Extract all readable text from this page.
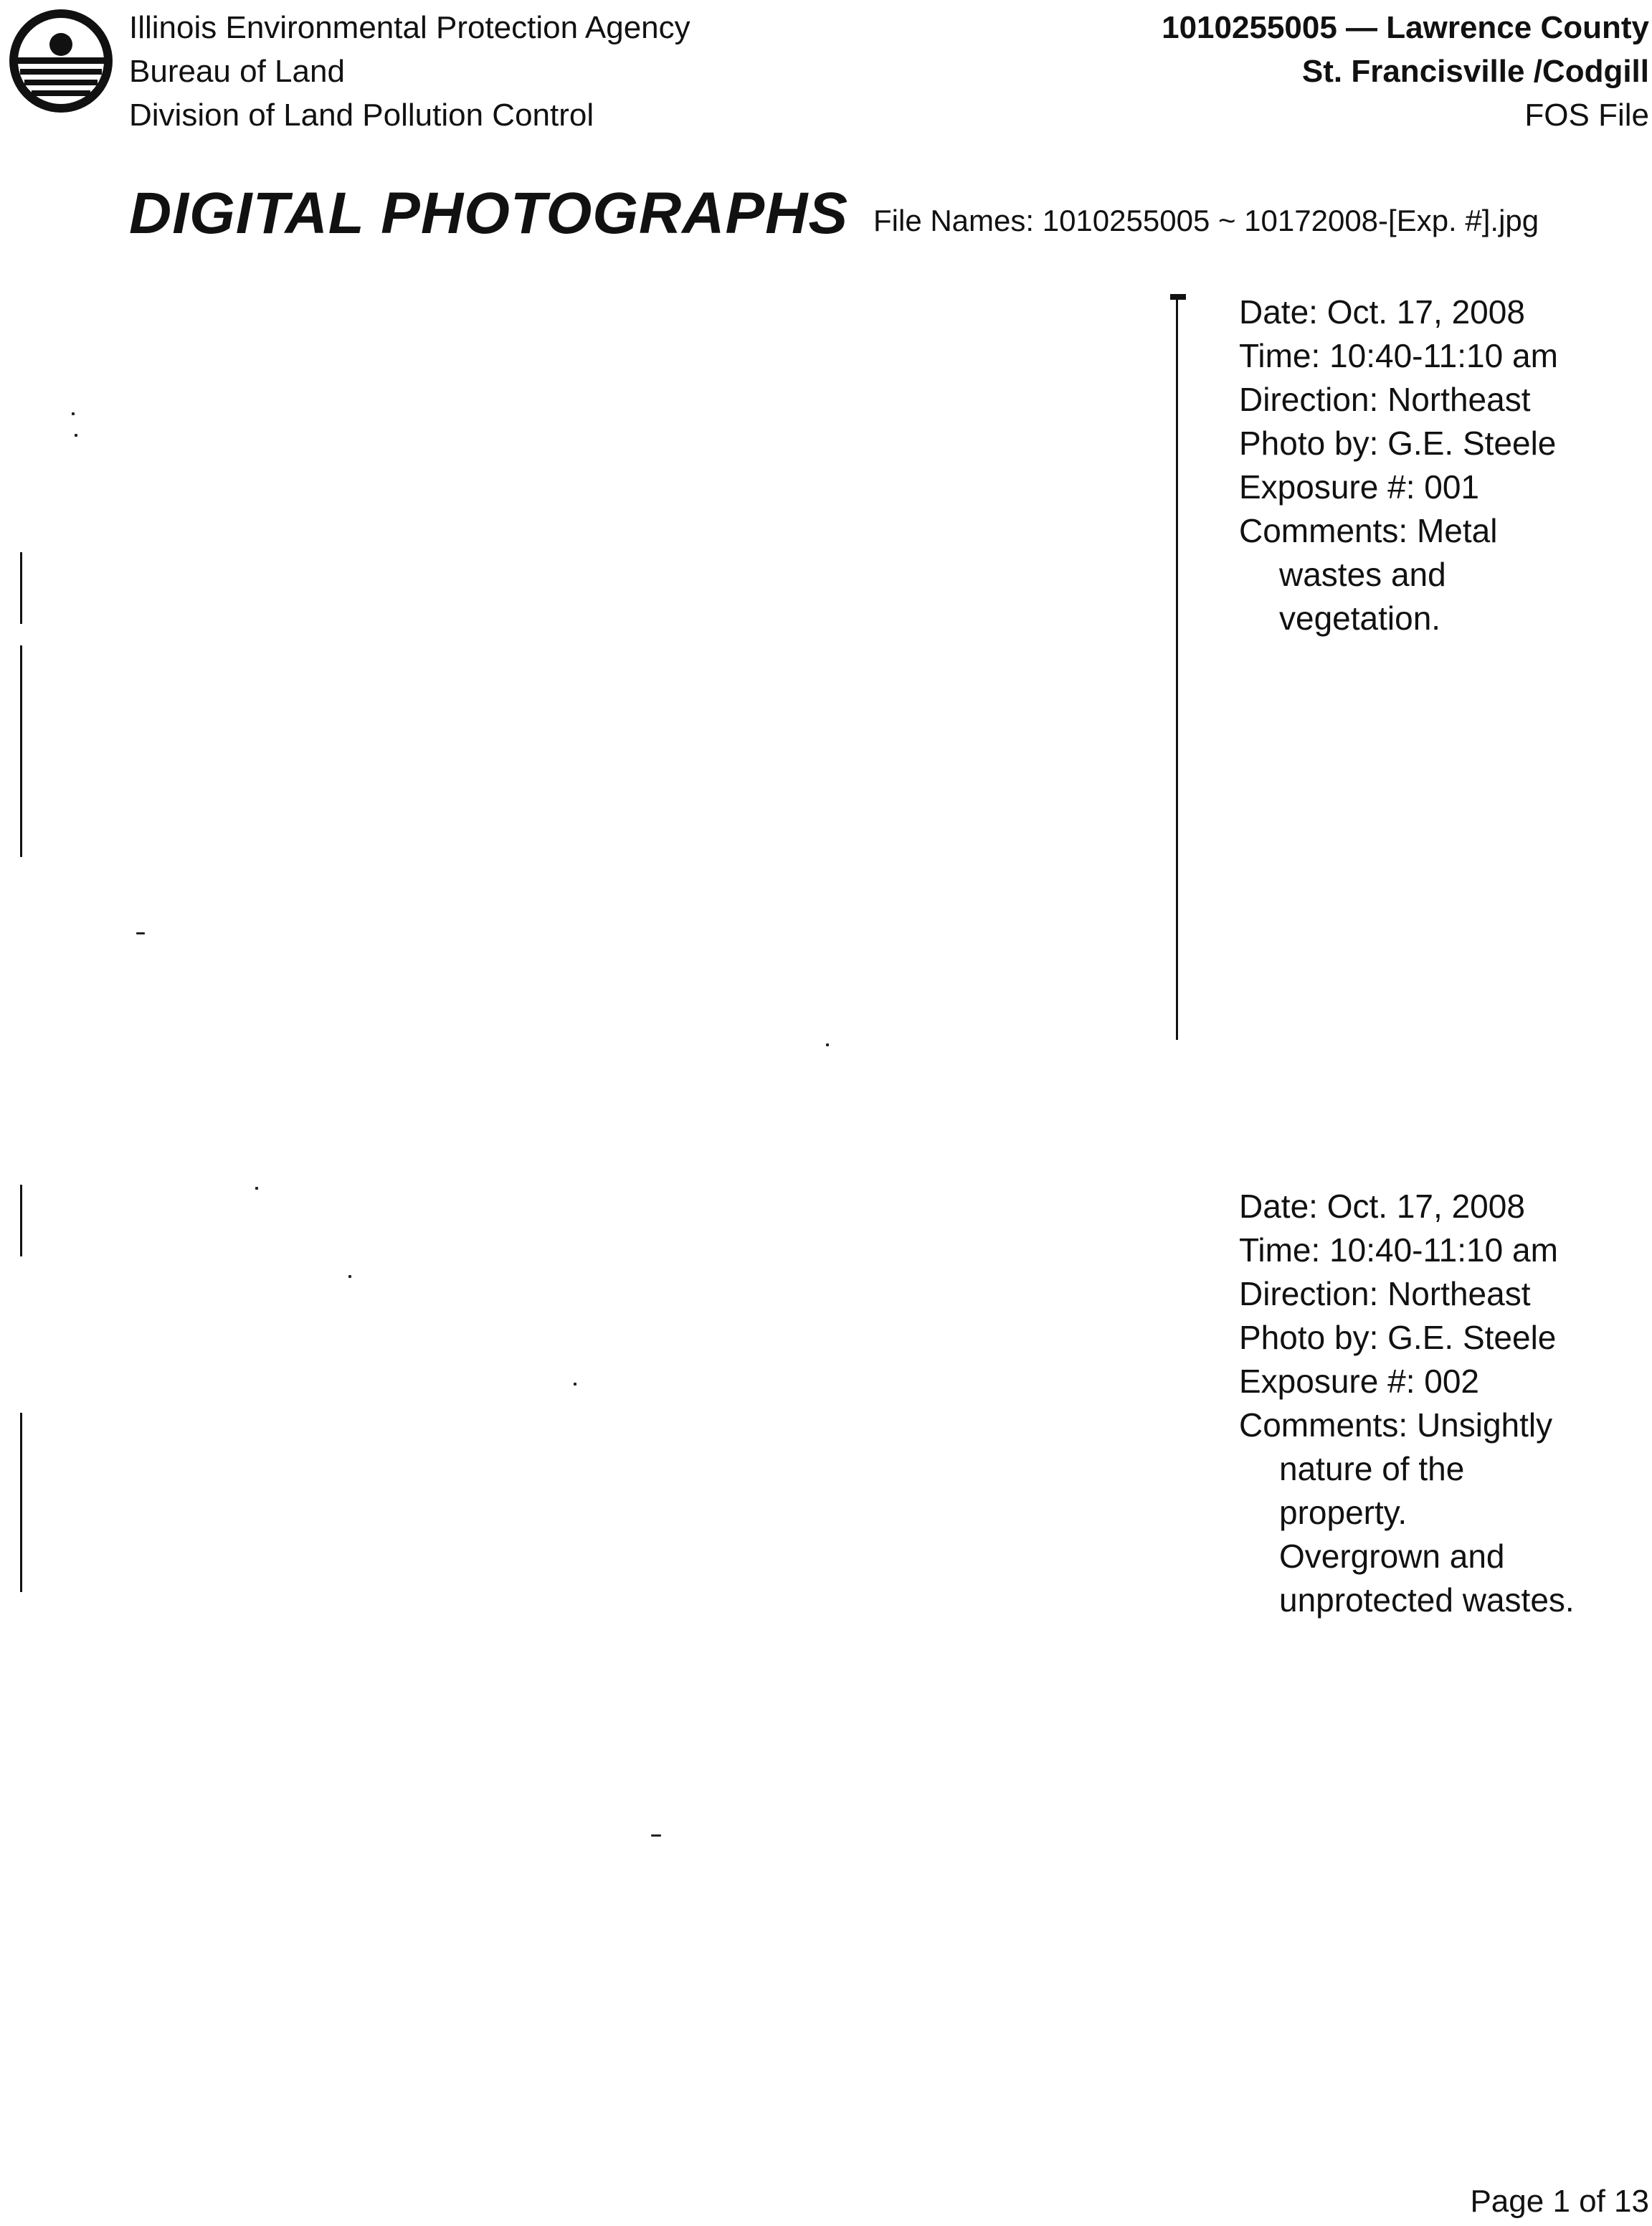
Illinois Environmental Protection Agency
Bureau of Land
Division of Land Pollution Control
1010255005 — Lawrence County
St. Francisville /Codgill
FOS File
DIGITAL PHOTOGRAPHS File Names: 1010255005 ~ 10172008-[Exp. #].jpg
Date: Oct. 17, 2008
Time: 10:40-11:10 am
Direction: Northeast
Photo by: G.E. Steele
Exposure #: 001
Comments: Metal
wastes and
vegetation.
Date: Oct. 17, 2008
Time: 10:40-11:10 am
Direction: Northeast
Photo by: G.E. Steele
Exposure #: 002
Comments: Unsightly
nature of the
property.
Overgrown and
unprotected wastes.
Page 1 of 13
